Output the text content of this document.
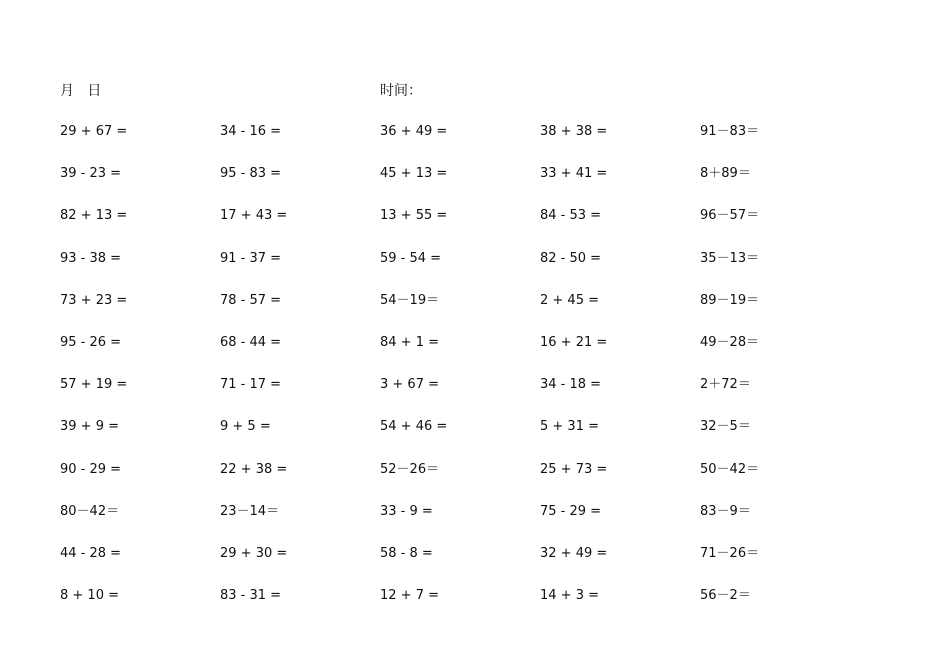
月   日	时间：
29 + 67 =	34 - 16 =	36 + 49 =	38 + 38 =	91－83＝
39 - 23 =	95 - 83 =	45 + 13 =	33 + 41 =	8＋89＝
82 + 13 =	17 + 43 =	13 + 55 =	84 - 53 =	96－57＝
93 - 38 =	91 - 37 =	59 - 54 =	82 - 50 =	35－13＝
73 + 23 =	78 - 57 =	54－19＝	2 + 45 =	89－19＝
95 - 26 =	68 - 44 =	84 + 1 =	16 + 21 =	49－28＝
57 + 19 =	71 - 17 =	3 + 67 =	34 - 18 =	2＋72＝
39 + 9 =	9 + 5 =	54 + 46 =	5 + 31 =	32－5＝
90 - 29 =	22 + 38 =	52－26＝	25 + 73 =	50－42＝
80－42＝	23－14＝	33 - 9 =	75 - 29 =	83－9＝
44 - 28 =	29 + 30 =	58 - 8 =	32 + 49 =	71－26＝
8 + 10 =	83 - 31 =	12 + 7 =	14 + 3 =	56－2＝
